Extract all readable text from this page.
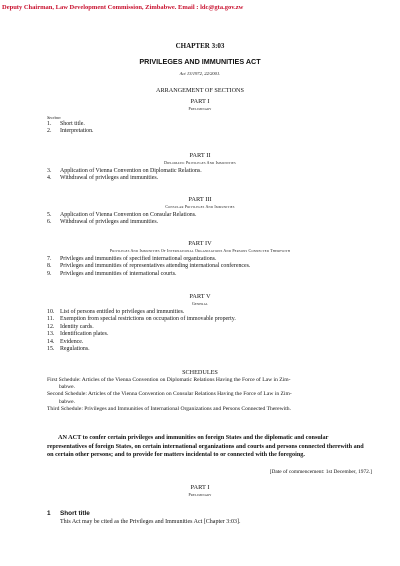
Deputy Chairman, Law Development Commission, Zimbabwe. Email : ldc@gta.gov.zw
CHAPTER 3:03
PRIVILEGES AND IMMUNITIES ACT
Act 13/1972, 22/2001.
ARRANGEMENT OF SECTIONS
PART I
Preliminary
Section
1.	Short title.
2.	Interpretation.
PART II
Diplomatic Privileges And Immunities
3.	Application of Vienna Convention on Diplomatic Relations.
4.	Withdrawal of privileges and immunities.
PART III
Consular Privileges And Immunities
5.	Application of Vienna Convention on Consular Relations.
6.	Withdrawal of privileges and immunities.
PART IV
Privileges And Immunities Of International Organizations And Persons Connected Therewith
7.	Privileges and immunities of specified international organizations.
8.	Privileges and immunities of representatives attending international conferences.
9.	Privileges and immunities of international courts.
PART V
General
10. List of persons entitled to privileges and immunities.
11. Exemption from special restrictions on occupation of immovable property.
12. Identity cards.
13. Identification plates.
14. Evidence.
15. Regulations.
SCHEDULES
First Schedule: Articles of the Vienna Convention on Diplomatic Relations Having the Force of Law in Zim-
babwe.
Second Schedule: Articles of the Vienna Convention on Consular Relations Having the Force of Law in Zim-
babwe.
Third Schedule: Privileges and Immunities of International Organizations and Persons Connected Therewith.
AN ACT to confer certain privileges and immunities on foreign States and the diplomatic and consular representatives of foreign States, on certain international organizations and courts and persons connected therewith and on certain other persons; and to provide for matters incidental to or connected with the foregoing.
[Date of commencement: 1st December, 1972.]
PART I
Preliminary
1 Short title
This Act may be cited as the Privileges and Immunities Act [Chapter 3:03].
